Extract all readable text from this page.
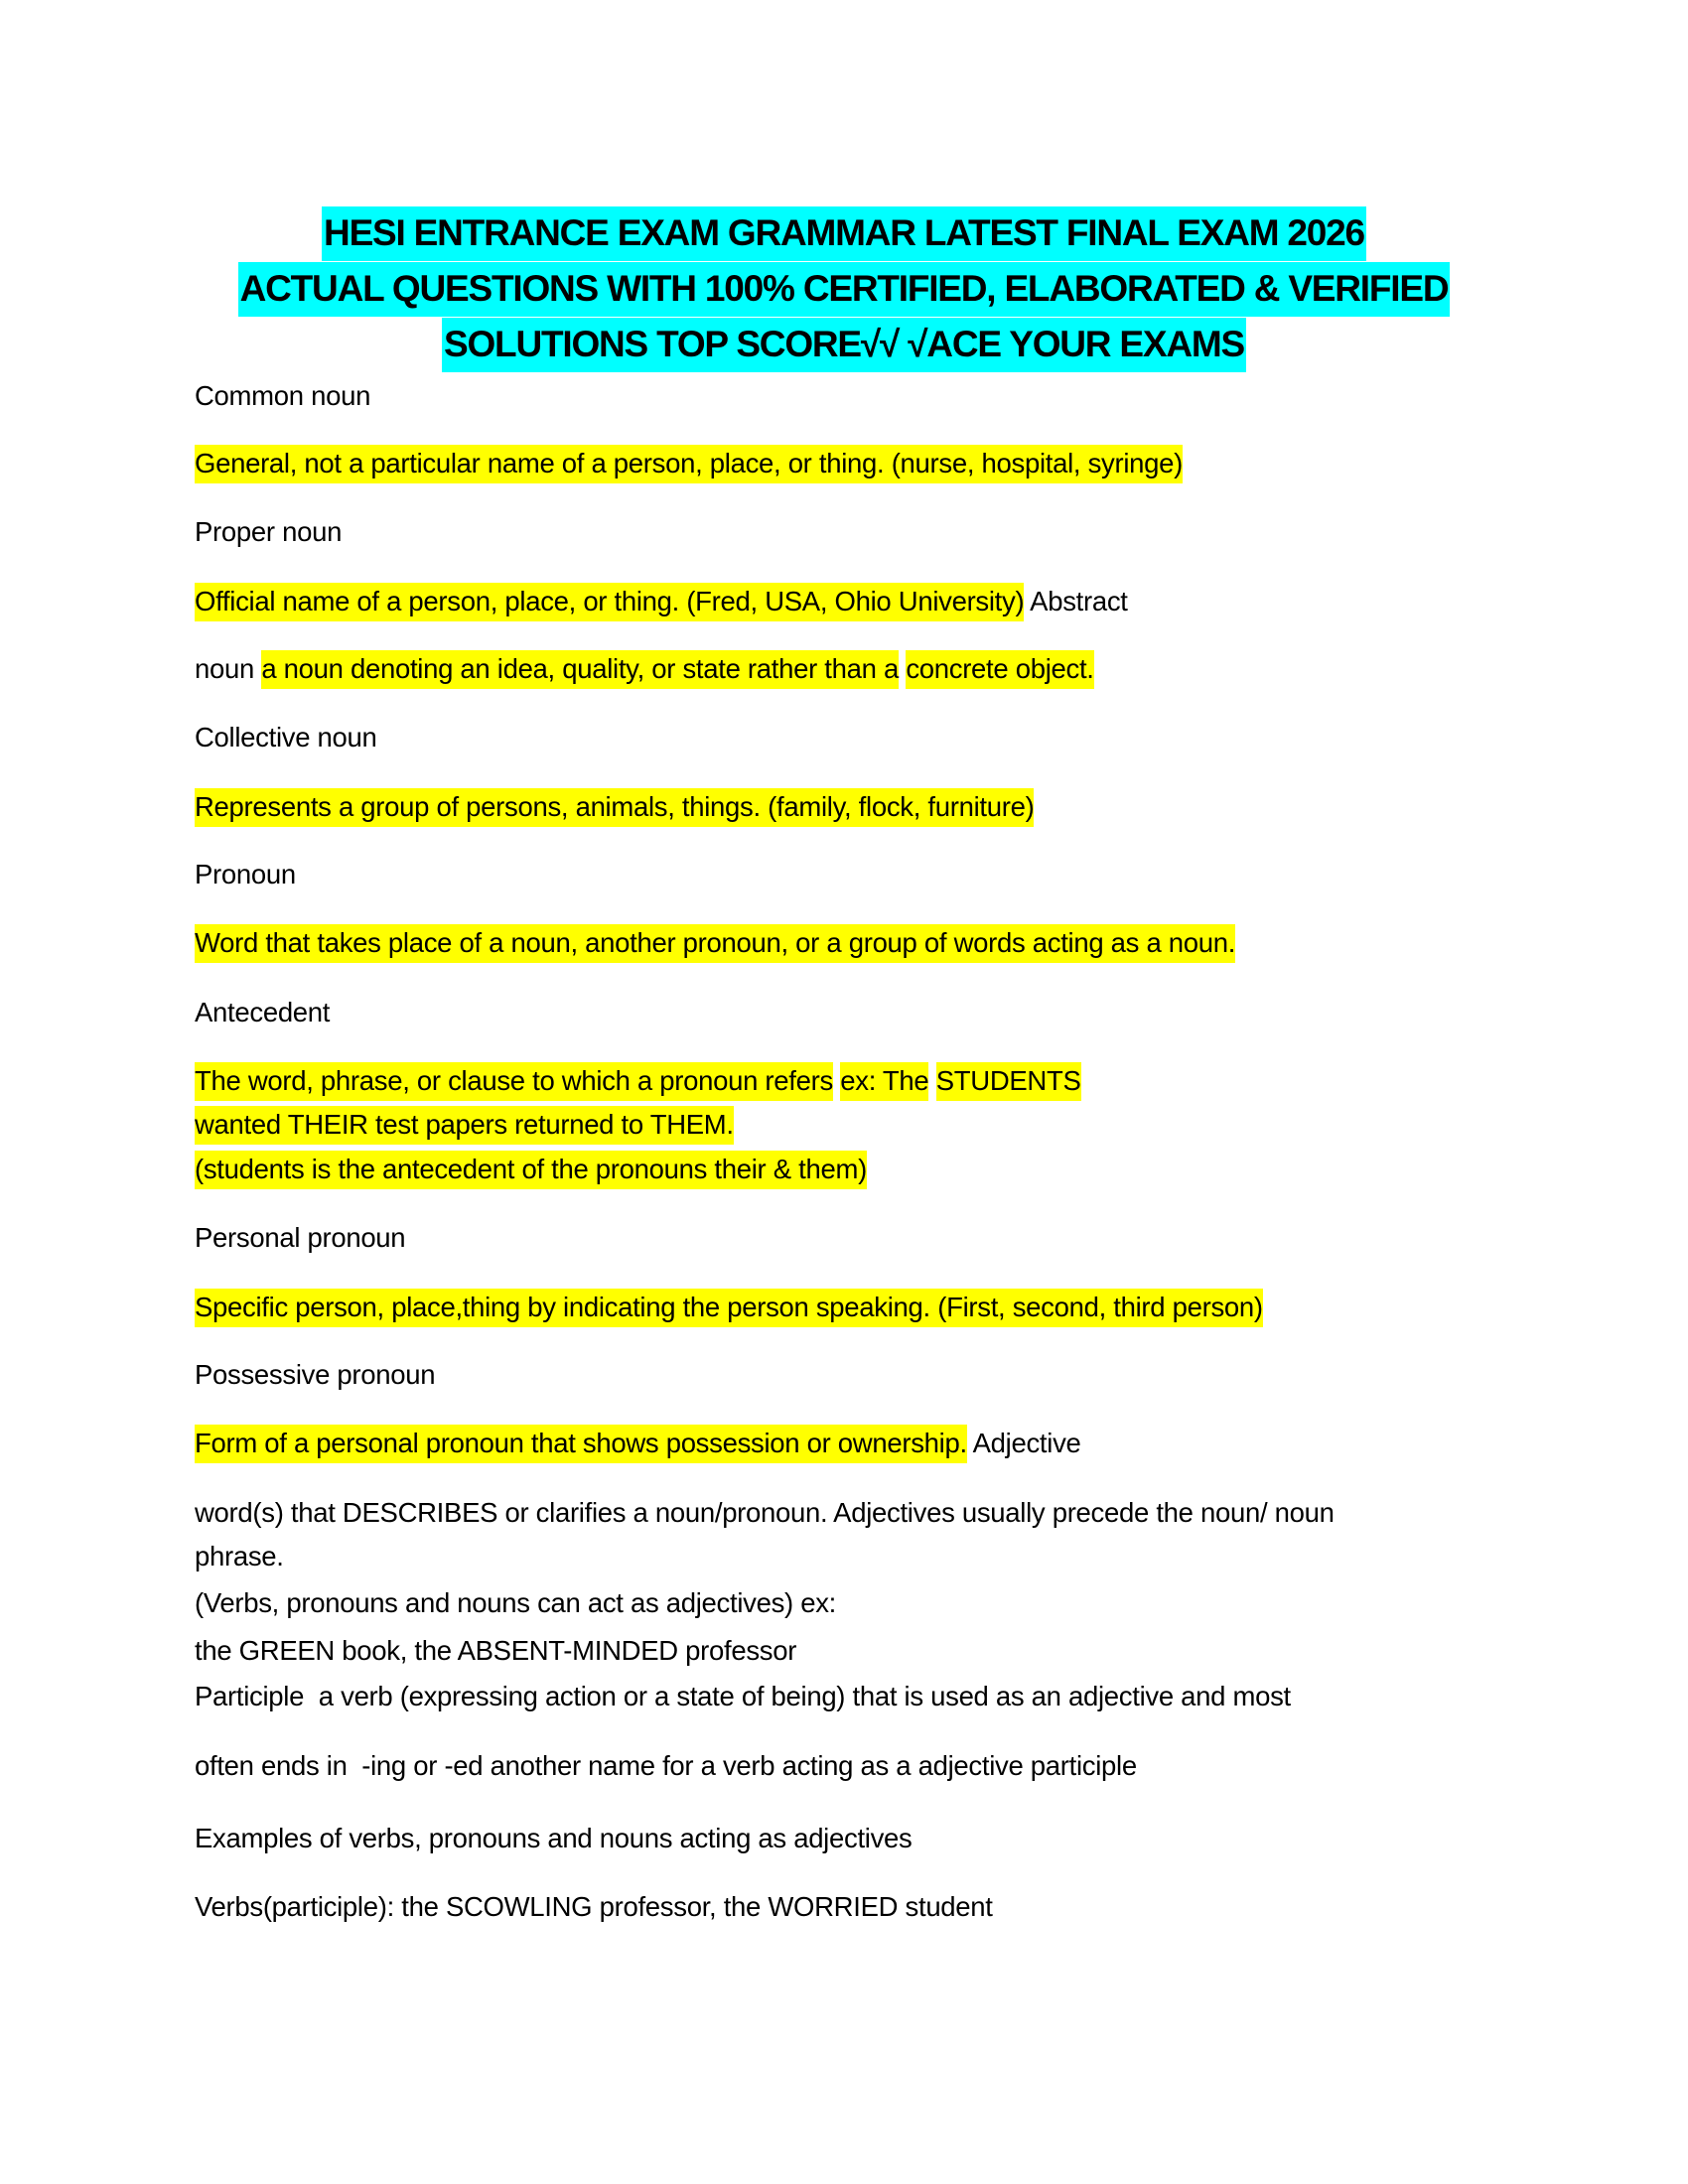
HESI ENTRANCE EXAM GRAMMAR LATEST FINAL EXAM 2026
ACTUAL QUESTIONS WITH 100% CERTIFIED, ELABORATED & VERIFIED
SOLUTIONS TOP SCORE√√ √ACE YOUR EXAMS
Common noun
General, not a particular name of a person, place, or thing. (nurse, hospital, syringe)
Proper noun
Official name of a person, place, or thing. (Fred, USA, Ohio University) Abstract
noun a noun denoting an idea, quality, or state rather than a concrete object.
Collective noun
Represents a group of persons, animals, things. (family, flock, furniture)
Pronoun
Word that takes place of a noun, another pronoun, or a group of words acting as a noun.
Antecedent
The word, phrase, or clause to which a pronoun refers ex: The STUDENTS
wanted THEIR test papers returned to THEM.
(students is the antecedent of the pronouns their & them)
Personal pronoun
Specific person, place,thing by indicating the person speaking. (First, second, third person)
Possessive pronoun
Form of a personal pronoun that shows possession or ownership. Adjective
word(s) that DESCRIBES or clarifies a noun/pronoun. Adjectives usually precede the noun/ noun
phrase.
(Verbs, pronouns and nouns can act as adjectives) ex:
the GREEN book, the ABSENT-MINDED professor
Participle  a verb (expressing action or a state of being) that is used as an adjective and most
often ends in  -ing or -ed another name for a verb acting as a adjective participle
Examples of verbs, pronouns and nouns acting as adjectives
Verbs(participle): the SCOWLING professor, the WORRIED student
